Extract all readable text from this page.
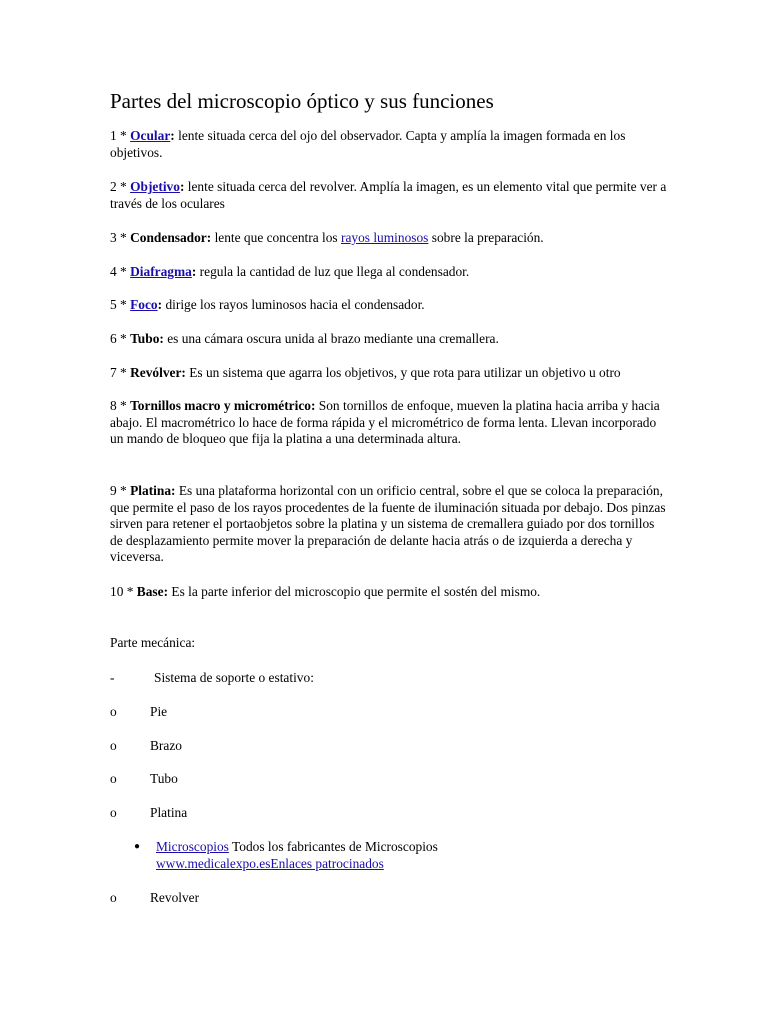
Partes del microscopio óptico y sus funciones
1 * Ocular: lente situada cerca del ojo del observador. Capta y amplía la imagen formada en los objetivos.
2 * Objetivo: lente situada cerca del revolver. Amplía la imagen, es un elemento vital que permite ver a través de los oculares
3 * Condensador: lente que concentra los rayos luminosos sobre la preparación.
4 * Diafragma: regula la cantidad de luz que llega al condensador.
5 * Foco: dirige los rayos luminosos hacia el condensador.
6 * Tubo: es una cámara oscura unida al brazo mediante una cremallera.
7 * Revólver: Es un sistema que agarra los objetivos, y que rota para utilizar un objetivo u otro
8 * Tornillos macro y micrométrico: Son tornillos de enfoque, mueven la platina hacia arriba y hacia abajo. El macrométrico lo hace de forma rápida y el micrométrico de forma lenta. Llevan incorporado un mando de bloqueo que fija la platina a una determinada altura.
9 * Platina: Es una plataforma horizontal con un orificio central, sobre el que se coloca la preparación, que permite el paso de los rayos procedentes de la fuente de iluminación situada por debajo. Dos pinzas sirven para retener el portaobjetos sobre la platina y un sistema de cremallera guiado por dos tornillos de desplazamiento permite mover la preparación de delante hacia atrás o de izquierda a derecha y viceversa.
10 * Base: Es la parte inferior del microscopio que permite el sostén del mismo.
Parte mecánica:
-	Sistema de soporte o estativo:
o Pie
o Brazo
o Tubo
o Platina
● Microscopios Todos los fabricantes de Microscopios
www.medicalexpo.esEnlaces patrocinados
o Revolver
